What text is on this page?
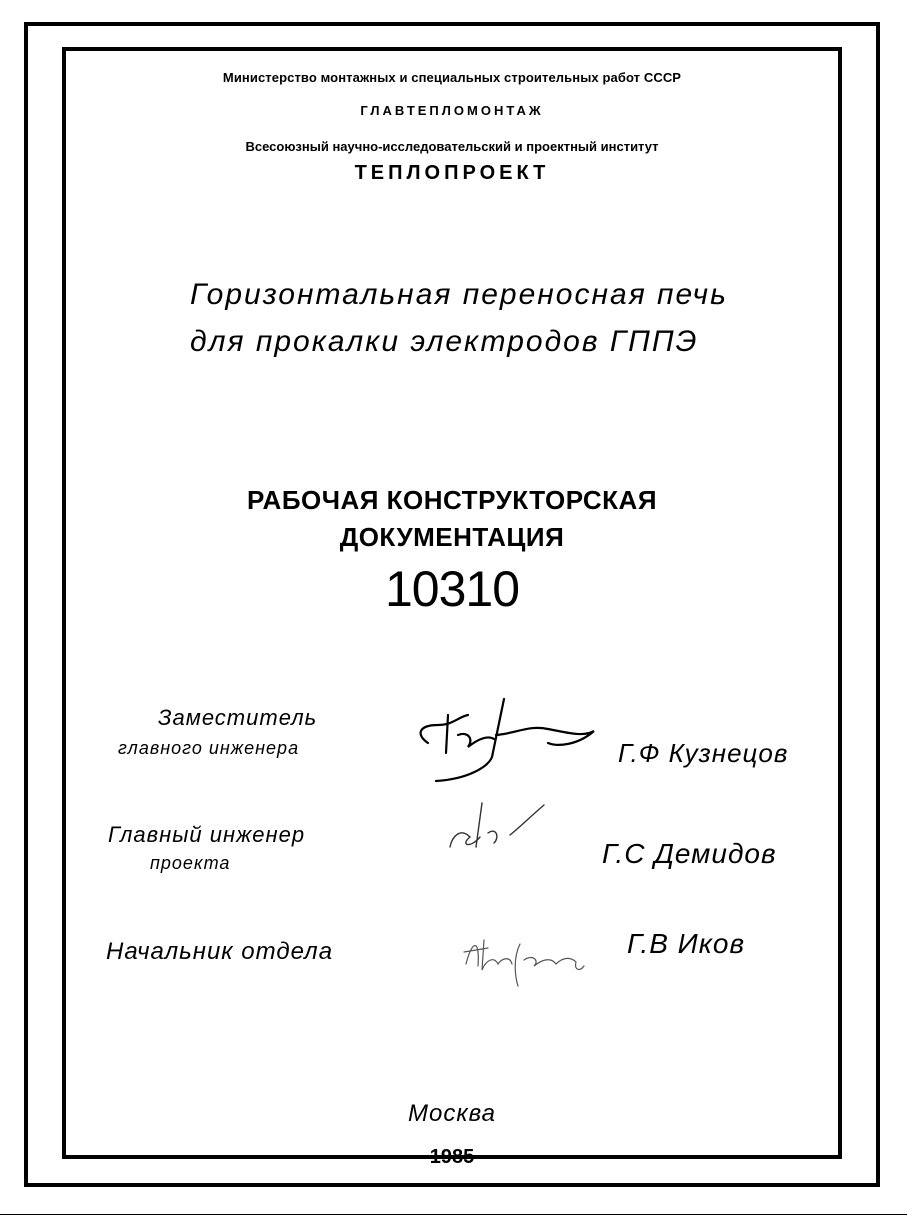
Министерство монтажных и специальных строительных работ СССР
ГЛАВТЕПЛОМОНТАЖ
Всесоюзный научно-исследовательский и проектный институт
ТЕПЛОПРОЕКТ
Горизонтальная переносная печь
для прокалки электродов ГППЭ
РАБОЧАЯ КОНСТРУКТОРСКАЯ
ДОКУМЕНТАЦИЯ
10310
Заместитель
главного инженера	Г.Ф Кузнецов
Главный инженер
проекта	Г.С Демидов
Начальник отдела	Г.В Иков
Москва
1985
